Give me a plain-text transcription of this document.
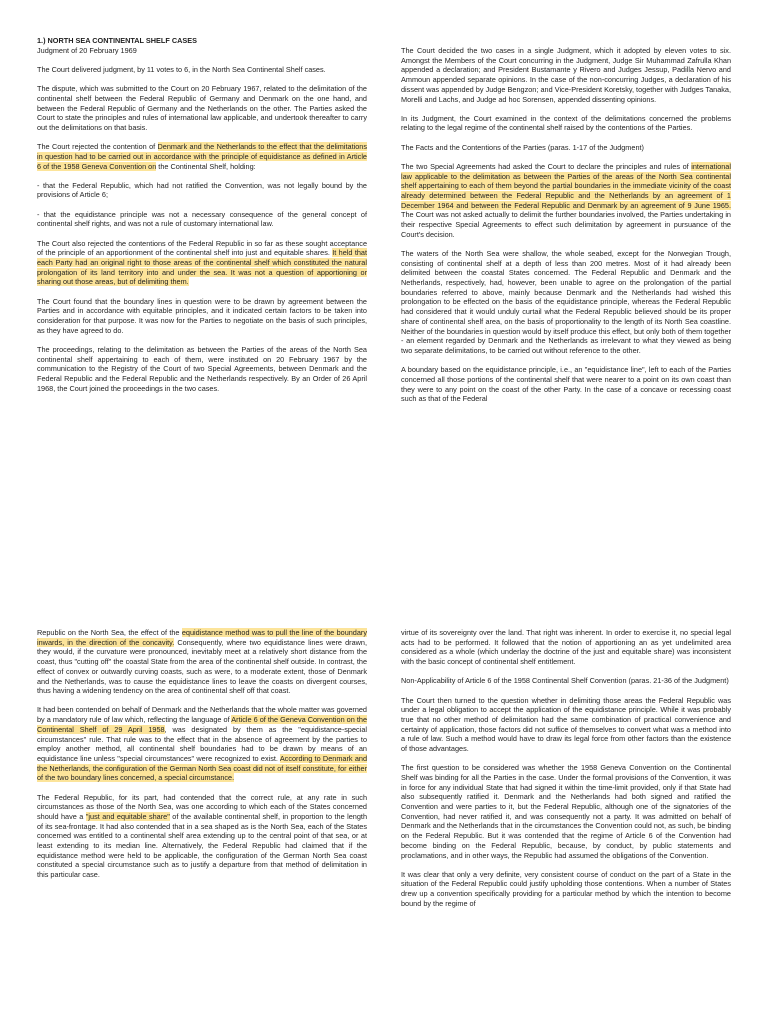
1.) NORTH SEA CONTINENTAL SHELF CASES

Judgment of 20 February 1969

The Court delivered judgment, by 11 votes to 6, in the North Sea Continental Shelf cases.

The dispute, which was submitted to the Court on 20 February 1967, related to the delimitation of the continental shelf between the Federal Republic of Germany and Denmark on the one hand, and between the Federal Republic of Germany and the Netherlands on the other. The Parties asked the Court to state the principles and rules of international law applicable, and undertook thereafter to carry out the delimitations on that basis.

The Court rejected the contention of Denmark and the Netherlands to the effect that the delimitations in question had to be carried out in accordance with the principle of equidistance as defined in Article 6 of the 1958 Geneva Convention on the Continental Shelf, holding:

- that the Federal Republic, which had not ratified the Convention, was not legally bound by the provisions of Article 6;

- that the equidistance principle was not a necessary consequence of the general concept of continental shelf rights, and was not a rule of customary international law.

The Court also rejected the contentions of the Federal Republic in so far as these sought acceptance of the principle of an apportionment of the continental shelf into just and equitable shares. It held that each Party had an original right to those areas of the continental shelf which constituted the natural prolongation of its land territory into and under the sea. It was not a question of apportioning or sharing out those areas, but of delimiting them.

The Court found that the boundary lines in question were to be drawn by agreement between the Parties and in accordance with equitable principles, and it indicated certain factors to be taken into consideration for that purpose. It was now for the Parties to negotiate on the basis of such principles, as they have agreed to do.

The proceedings, relating to the delimitation as between the Parties of the areas of the North Sea continental shelf appertaining to each of them, were instituted on 20 February 1967 by the communication to the Registry of the Court of two Special Agreements, between Denmark and the Federal Republic and the Federal Republic and the Netherlands respectively. By an Order of 26 April 1968, the Court joined the proceedings in the two cases.

The Court decided the two cases in a single Judgment, which it adopted by eleven votes to six. Amongst the Members of the Court concurring in the Judgment, Judge Sir Muhammad Zafrulla Khan appended a declaration; and President Bustamante y Rivero and Judges Jessup, Padilla Nervo and Ammoun appended separate opinions. In the case of the non-concurring Judges, a declaration of his dissent was appended by Judge Bengzon; and Vice-President Koretsky, together with Judges Tanaka, Morelli and Lachs, and Judge ad hoc Sorensen, appended dissenting opinions.

In its Judgment, the Court examined in the context of the delimitations concerned the problems relating to the legal regime of the continental shelf raised by the contentions of the Parties.

The Facts and the Contentions of the Parties (paras. 1-17 of the Judgment)

The two Special Agreements had asked the Court to declare the principles and rules of international law applicable to the delimitation as between the Parties of the areas of the North Sea continental shelf appertaining to each of them beyond the partial boundaries in the immediate vicinity of the coast already determined between the Federal Republic and the Netherlands by an agreement of 1 December 1964 and between the Federal Republic and Denmark by an agreement of 9 June 1965. The Court was not asked actually to delimit the further boundaries involved, the Parties undertaking in their respective Special Agreements to effect such delimitation by agreement in pursuance of the Court's decision.

The waters of the North Sea were shallow, the whole seabed, except for the Norwegian Trough, consisting of continental shelf at a depth of less than 200 metres. Most of it had already been delimited between the coastal States concerned. The Federal Republic and Denmark and the Netherlands, respectively, had, however, been unable to agree on the prolongation of the partial boundaries referred to above, mainly because Denmark and the Netherlands had wished this prolongation to be effected on the basis of the equidistance principle, whereas the Federal Republic had considered that it would unduly curtail what the Federal Republic believed should be its proper share of continental shelf area, on the basis of proportionality to the length of its North Sea coastline. Neither of the boundaries in question would by itself produce this effect, but only both of them together - an element regarded by Denmark and the Netherlands as irrelevant to what they viewed as being two separate delimitations, to be carried out without reference to the other.

A boundary based on the equidistance principle, i.e., an "equidistance line", left to each of the Parties concerned all those portions of the continental shelf that were nearer to a point on its own coast than they were to any point on the coast of the other Party. In the case of a concave or recessing coast such as that of the Federal

Republic on the North Sea, the effect of the equidistance method was to pull the line of the boundary inwards, in the direction of the concavity. Consequently, where two equidistance lines were drawn, they would, if the curvature were pronounced, inevitably meet at a relatively short distance from the coast, thus "cutting off" the coastal State from the area of the continental shelf outside. In contrast, the effect of convex or outwardly curving coasts, such as were, to a moderate extent, those of Denmark and the Netherlands, was to cause the equidistance lines to leave the coasts on divergent courses, thus having a widening tendency on the area of continental shelf off that coast.

It had been contended on behalf of Denmark and the Netherlands that the whole matter was governed by a mandatory rule of law which, reflecting the language of Article 6 of the Geneva Convention on the Continental Shelf of 29 April 1958, was designated by them as the "equidistance-special circumstances" rule. That rule was to the effect that in the absence of agreement by the parties to employ another method, all continental shelf boundaries had to be drawn by means of an equidistance line unless "special circumstances" were recognized to exist. According to Denmark and the Netherlands, the configuration of the German North Sea coast did not of itself constitute, for either of the two boundary lines concerned, a special circumstance.

The Federal Republic, for its part, had contended that the correct rule, at any rate in such circumstances as those of the North Sea, was one according to which each of the States concerned should have a "just and equitable share" of the available continental shelf, in proportion to the length of its sea-frontage. It had also contended that in a sea shaped as is the North Sea, each of the States concerned was entitled to a continental shelf area extending up to the central point of that sea, or at least extending to its median line. Alternatively, the Federal Republic had claimed that if the equidistance method were held to be applicable, the configuration of the German North Sea coast constituted a special circumstance such as to justify a departure from that method of delimitation in this particular case.

virtue of its sovereignty over the land. That right was inherent. In order to exercise it, no special legal acts had to be performed. It followed that the notion of apportioning an as yet undelimited area considered as a whole (which underlay the doctrine of the just and equitable share) was inconsistent with the basic concept of continental shelf entitlement.

Non-Applicability of Article 6 of the 1958 Continental Shelf Convention (paras. 21-36 of the Judgment)

The Court then turned to the question whether in delimiting those areas the Federal Republic was under a legal obligation to accept the application of the equidistance principle. While it was probably true that no other method of delimitation had the same combination of practical convenience and certainty of application, those factors did not suffice of themselves to convert what was a method into a rule of law. Such a method would have to draw its legal force from other factors than the existence of those advantages.

The first question to be considered was whether the 1958 Geneva Convention on the Continental Shelf was binding for all the Parties in the case. Under the formal provisions of the Convention, it was in force for any individual State that had signed it within the time-limit provided, only if that State had also subsequently ratified it. Denmark and the Netherlands had both signed and ratified the Convention and were parties to it, but the Federal Republic, although one of the signatories of the Convention, had never ratified it, and was consequently not a party. It was admitted on behalf of Denmark and the Netherlands that in the circumstances the Convention could not, as such, be binding on the Federal Republic. But it was contended that the regime of Article 6 of the Convention had become binding on the Federal Republic, because, by conduct, by public statements and proclamations, and in other ways, the Republic had assumed the obligations of the Convention.

It was clear that only a very definite, very consistent course of conduct on the part of a State in the situation of the Federal Republic could justify upholding those contentions. When a number of States drew up a convention specifically providing for a particular method by which the intention to become bound by the regime of
